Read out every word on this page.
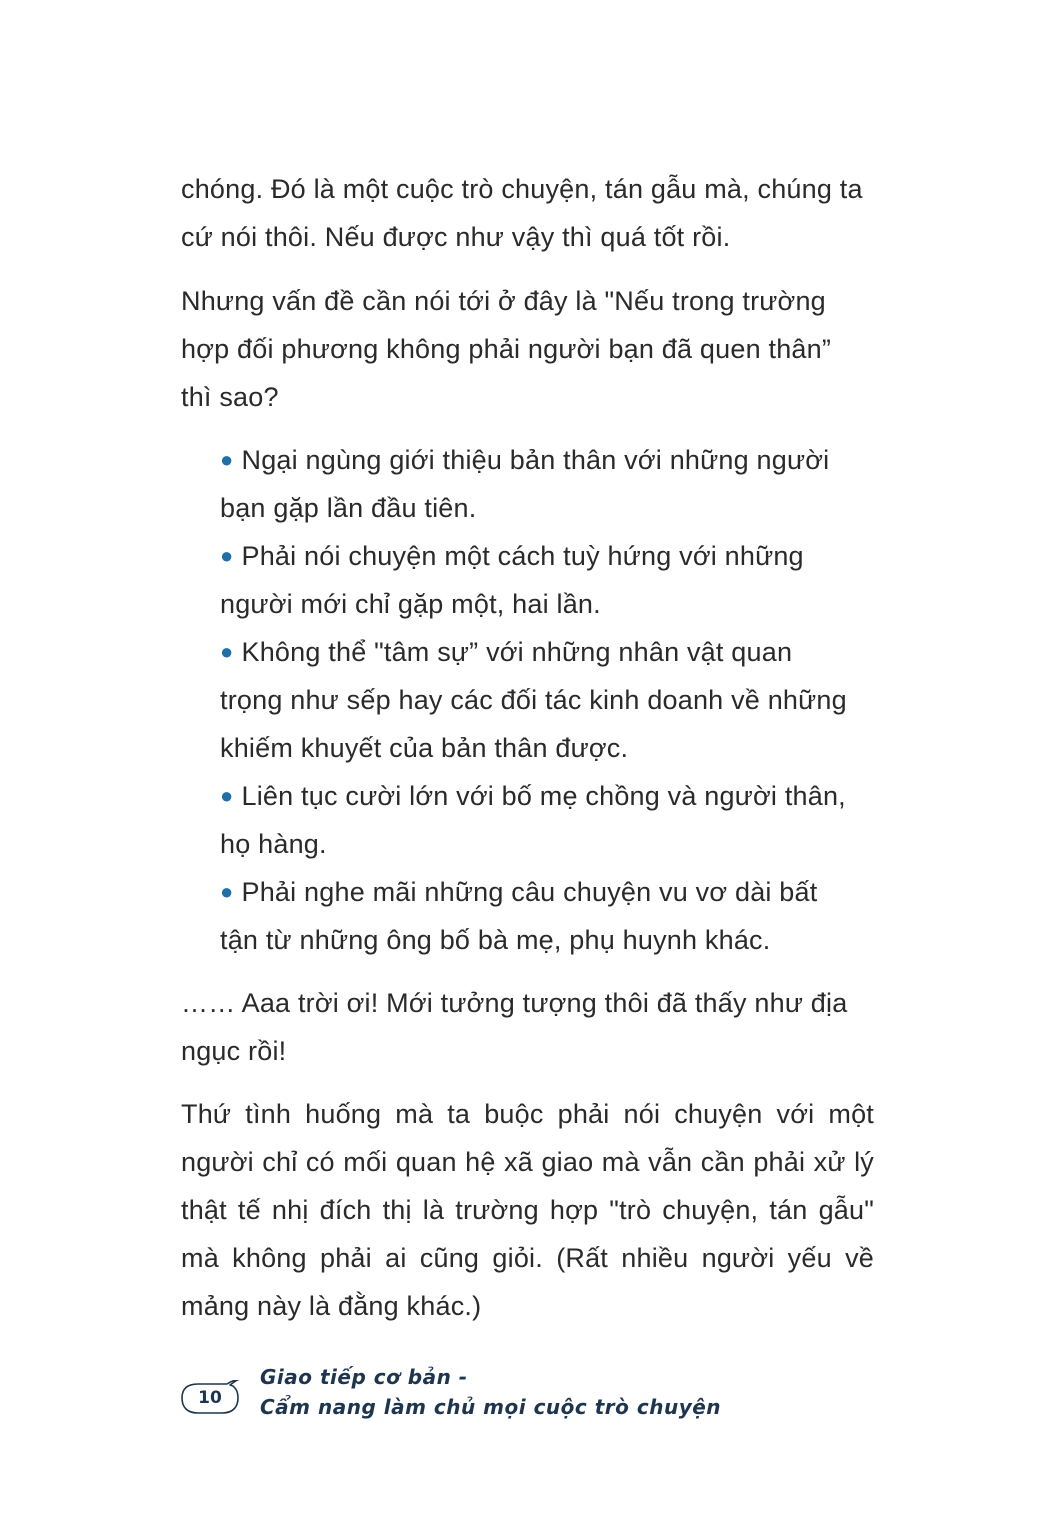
chóng. Đó là một cuộc trò chuyện, tán gẫu mà, chúng ta
cứ nói thôi. Nếu được như vậy thì quá tốt rồi.
Nhưng vấn đề cần nói tới ở đây là "Nếu trong trường
hợp đối phương không phải người bạn đã quen thân”
thì sao?
● Ngại ngùng giới thiệu bản thân với những người
bạn gặp lần đầu tiên.
● Phải nói chuyện một cách tuỳ hứng với những
người mới chỉ gặp một, hai lần.
● Không thể "tâm sự” với những nhân vật quan
trọng như sếp hay các đối tác kinh doanh về những
khiếm khuyết của bản thân được.
● Liên tục cười lớn với bố mẹ chồng và người thân,
họ hàng.
● Phải nghe mãi những câu chuyện vu vơ dài bất
tận từ những ông bố bà mẹ, phụ huynh khác.
…… Aaa trời ơi! Mới tưởng tượng thôi đã thấy như địa
ngục rồi!
Thứ tình huống mà ta buộc phải nói chuyện với một
người chỉ có mối quan hệ xã giao mà vẫn cần phải xử lý
thật tế nhị đích thị là trường hợp "trò chuyện, tán gẫu"
mà không phải ai cũng giỏi. (Rất nhiều người yếu về
mảng này là đằng khác.)
10
Giao tiếp cơ bản -
Cẩm nang làm chủ mọi cuộc trò chuyện
